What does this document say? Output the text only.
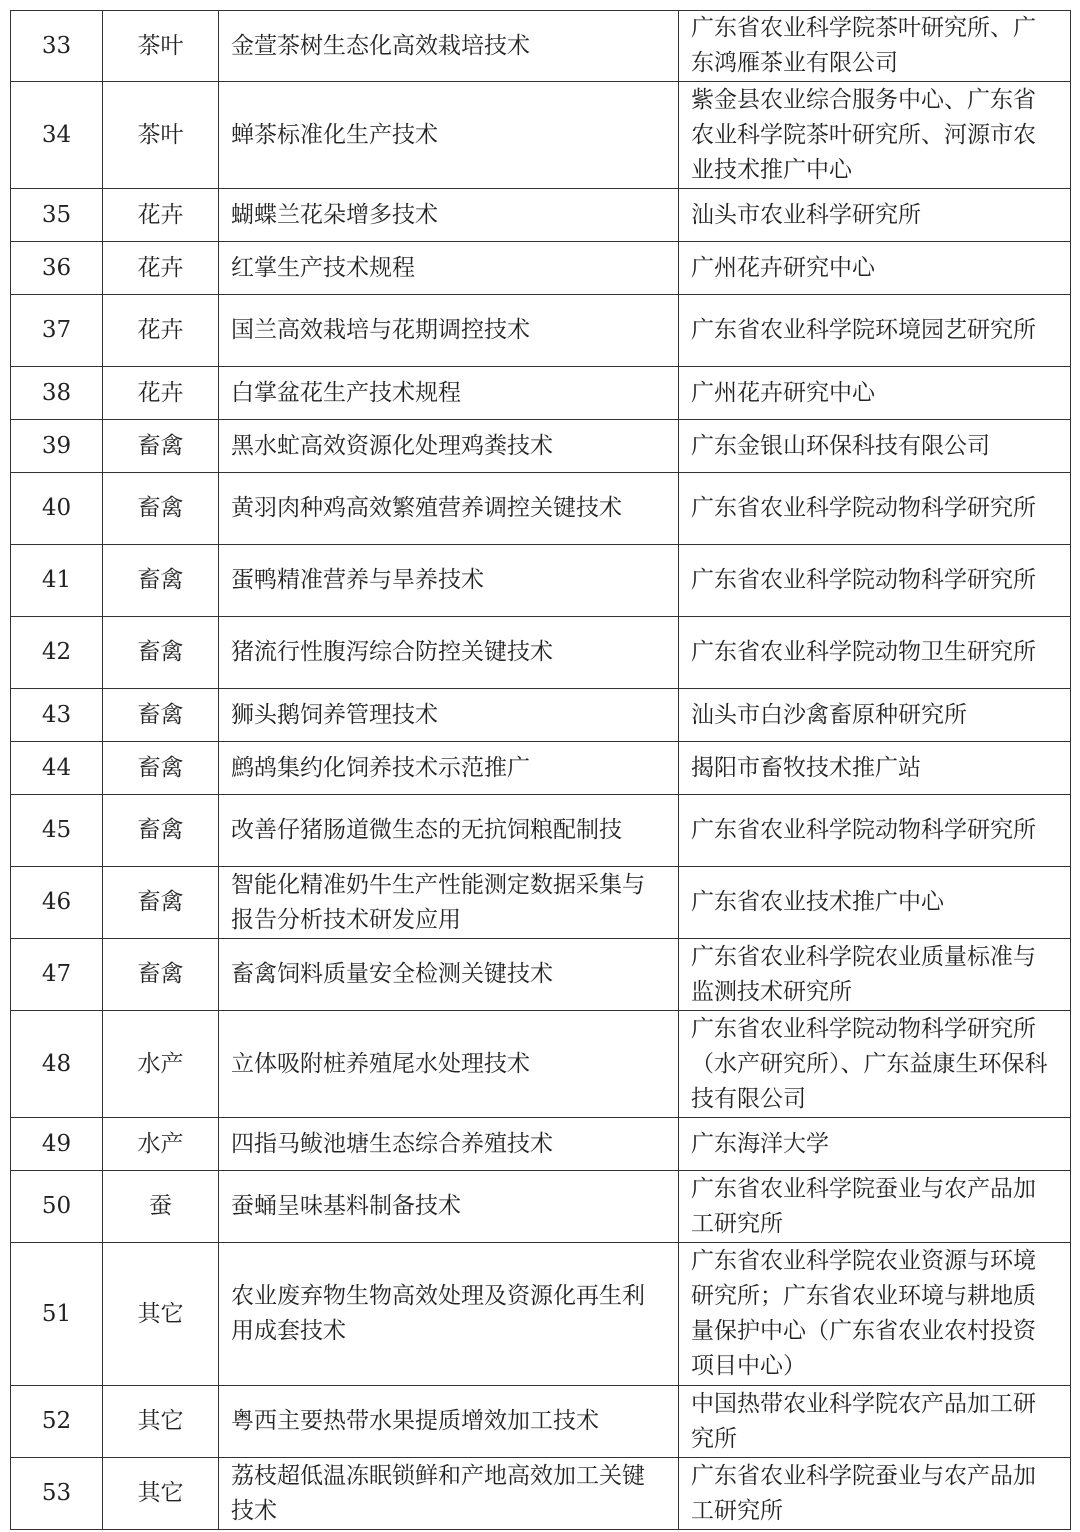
33	茶叶	金萱茶树生态化高效栽培技术	广东省农业科学院茶叶研究所、广东鸿雁茶业有限公司
34	茶叶	蝉茶标准化生产技术	紫金县农业综合服务中心、广东省农业科学院茶叶研究所、河源市农业技术推广中心
35	花卉	蝴蝶兰花朵增多技术	汕头市农业科学研究所
36	花卉	红掌生产技术规程	广州花卉研究中心
37	花卉	国兰高效栽培与花期调控技术	广东省农业科学院环境园艺研究所
38	花卉	白掌盆花生产技术规程	广州花卉研究中心
39	畜禽	黑水虻高效资源化处理鸡粪技术	广东金银山环保科技有限公司
40	畜禽	黄羽肉种鸡高效繁殖营养调控关键技术	广东省农业科学院动物科学研究所
41	畜禽	蛋鸭精准营养与旱养技术	广东省农业科学院动物科学研究所
42	畜禽	猪流行性腹泻综合防控关键技术	广东省农业科学院动物卫生研究所
43	畜禽	狮头鹅饲养管理技术	汕头市白沙禽畜原种研究所
44	畜禽	鹧鸪集约化饲养技术示范推广	揭阳市畜牧技术推广站
45	畜禽	改善仔猪肠道微生态的无抗饲粮配制技	广东省农业科学院动物科学研究所
46	畜禽	智能化精准奶牛生产性能测定数据采集与报告分析技术研发应用	广东省农业技术推广中心
47	畜禽	畜禽饲料质量安全检测关键技术	广东省农业科学院农业质量标准与监测技术研究所
48	水产	立体吸附桩养殖尾水处理技术	广东省农业科学院动物科学研究所（水产研究所）、广东益康生环保科技有限公司
49	水产	四指马鲅池塘生态综合养殖技术	广东海洋大学
50	蚕	蚕蛹呈味基料制备技术	广东省农业科学院蚕业与农产品加工研究所
51	其它	农业废弃物生物高效处理及资源化再生利用成套技术	广东省农业科学院农业资源与环境研究所；广东省农业环境与耕地质量保护中心（广东省农业农村投资项目中心）
52	其它	粤西主要热带水果提质增效加工技术	中国热带农业科学院农产品加工研究所
53	其它	荔枝超低温冻眠锁鲜和产地高效加工关键技术	广东省农业科学院蚕业与农产品加工研究所
